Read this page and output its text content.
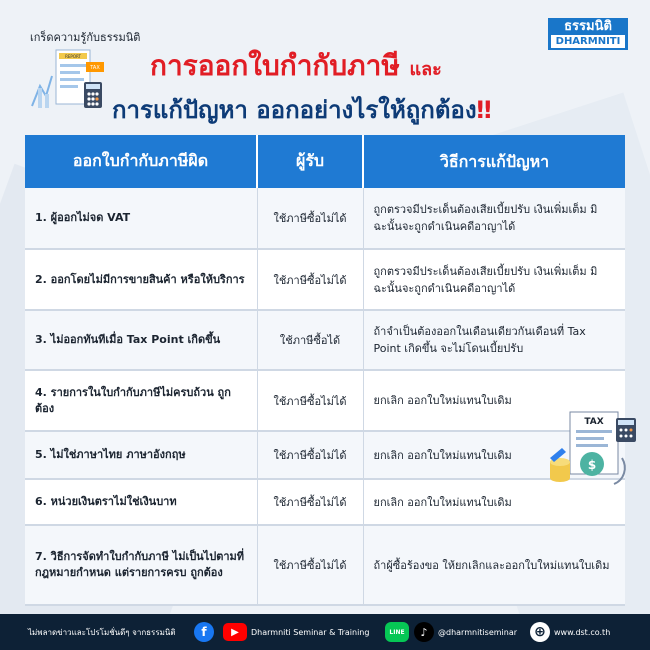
เกร็ดความรู้กับธรรมนิติ
ธรรมนิติ
DHARMNITI
REPORT
TAX การออกใบกำกับภาษี และ
การแก้ปัญหา ออกอย่างไรให้ถูกต้อง‼
ออกใบกำกับภาษีผิด	ผู้รับ	วิธีการแก้ปัญหา

1. ผู้ออกไม่จด VAT	ใช้ภาษีซื้อไม่ได้	ถูกตรวจมีประเด็นต้องเสียเบี้ยปรับ เงินเพิ่มเต็ม มิฉะนั้นจะถูกดำเนินคดีอาญาได้

2. ออกโดยไม่มีการขายสินค้า หรือให้บริการ	ใช้ภาษีซื้อไม่ได้	ถูกตรวจมีประเด็นต้องเสียเบี้ยปรับ เงินเพิ่มเต็ม มิฉะนั้นจะถูกดำเนินคดีอาญาได้

3. ไม่ออกทันทีเมื่อ Tax Point เกิดขึ้น	ใช้ภาษีซื้อได้	ถ้าจำเป็นต้องออกในเดือนเดียวกันเดือนที่ Tax Point เกิดขึ้น จะไม่โดนเบี้ยปรับ

4. รายการในใบกำกับภาษีไม่ครบถ้วน ถูกต้อง	ใช้ภาษีซื้อไม่ได้	ยกเลิก ออกใบใหม่แทนใบเดิม

5. ไม่ใช่ภาษาไทย ภาษาอังกฤษ	ใช้ภาษีซื้อไม่ได้	ยกเลิก ออกใบใหม่แทนใบเดิม

6. หน่วยเงินตราไม่ใช่เงินบาท	ใช้ภาษีซื้อไม่ได้	ยกเลิก ออกใบใหม่แทนใบเดิม

7. วิธีการจัดทำใบกำกับภาษี ไม่เป็นไปตามที่กฎหมายกำหนด แต่รายการครบ ถูกต้อง	ใช้ภาษีซื้อไม่ได้	ถ้าผู้ซื้อร้องขอ ให้ยกเลิกและออกใบใหม่แทนใบเดิม
TAX
$
ไม่พลาดข่าวและโปรโมชั่นดีๆ จากธรรมนิติ	f	▶	Dharmniti Seminar & Training	LINE	♪	@dharmnitiseminar ⊕	www.dst.co.th
